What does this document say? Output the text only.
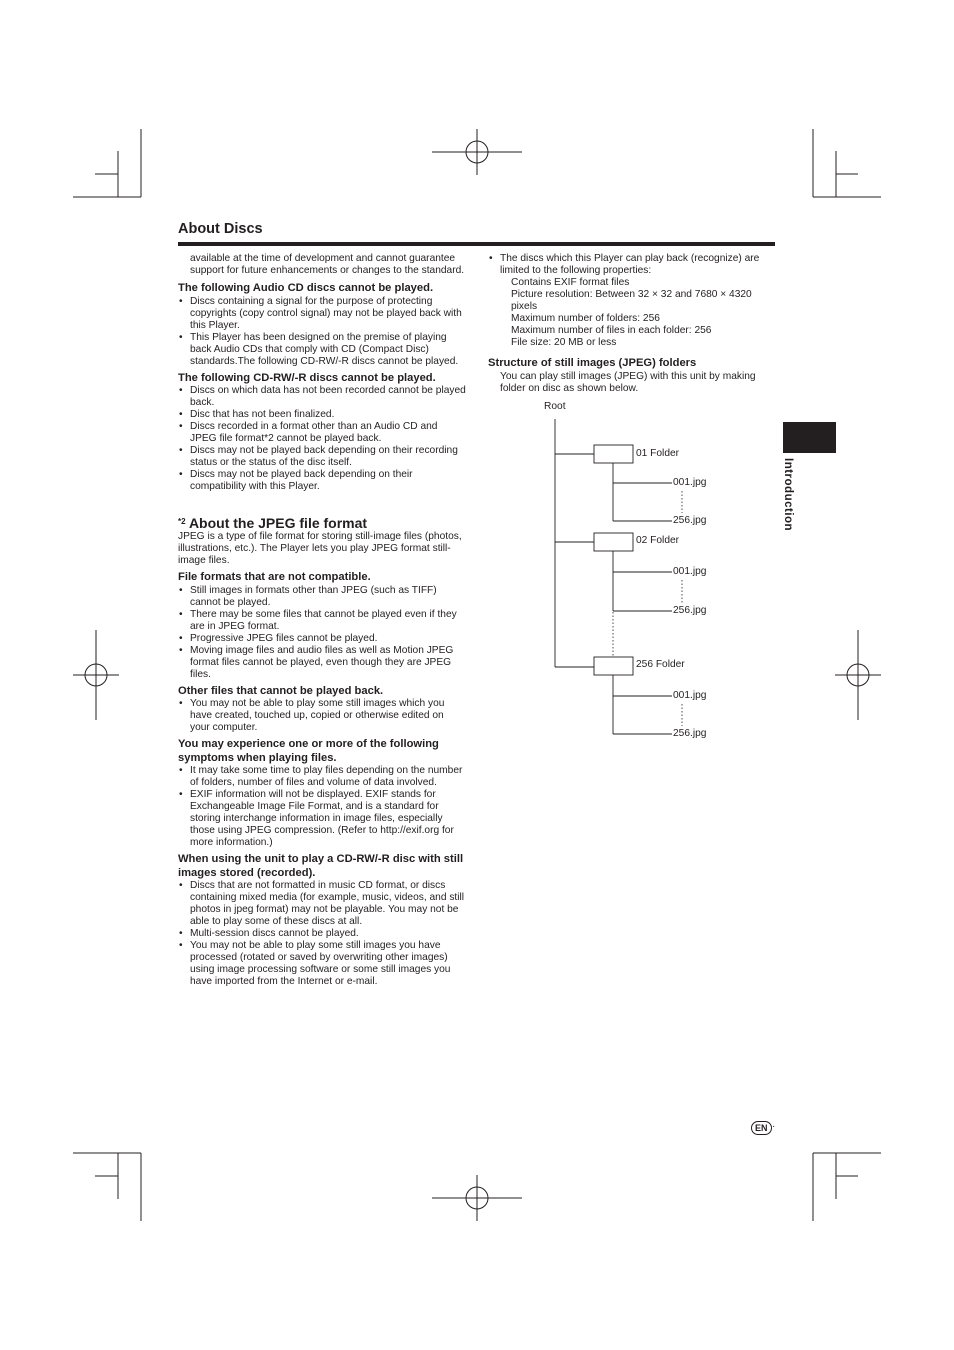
About Discs
Introduction

available at the time of development and cannot guarantee support for future enhancements or changes to the standard.

The following Audio CD discs cannot be played.
• Discs containing a signal for the purpose of protecting copyrights (copy control signal) may not be played back with this Player.
• This Player has been designed on the premise of playing back Audio CDs that comply with CD (Compact Disc) standards.The following CD-RW/-R discs cannot be played.
The following CD-RW/-R discs cannot be played.
• Discs on which data has not been recorded cannot be played back.
• Disc that has not been finalized.
• Discs recorded in a format other than an Audio CD and JPEG file format*2 cannot be played back.
• Discs may not be played back depending on their recording status or the status of the disc itself.
• Discs may not be played back depending on their compatibility with this Player.
$^{*2}$ About the JPEG file format

JPEG is a type of file format for storing still-image files (photos, illustrations, etc.). The Player lets you play JPEG format still-image files.

File formats that are not compatible.
• Still images in formats other than JPEG (such as TIFF) cannot be played.
• There may be some files that cannot be played even if they are in JPEG format.
• Progressive JPEG files cannot be played.
• Moving image files and audio files as well as Motion JPEG format files cannot be played, even though they are JPEG files.
Other files that cannot be played back.
• You may not be able to play some still images which you have created, touched up, copied or otherwise edited on your computer.
You may experience one or more of the following symptoms when playing files.
• It may take some time to play files depending on the number of folders, number of files and volume of data involved.
• EXIF information will not be displayed. EXIF stands for Exchangeable Image File Format, and is a standard for storing interchange information in image files, especially those using JPEG compression. (Refer to http://exif.org for more information.)
When using the unit to play a CD-RW/-R disc with still images stored (recorded).
• Discs that are not formatted in music CD format, or discs containing mixed media (for example, music, videos, and still photos in jpeg format) may not be playable. You may not be able to play some of these discs at all.
• Multi-session discs cannot be played.
• You may not be able to play some still images you have processed (rotated or saved by overwriting other images) using image processing software or some still images you have imported from the Internet or e-mail.
• The discs which this Player can play back (recognize) are limited to the following properties:

Contains EXIF format files

Picture resolution: Between 32 × 32 and 7680 × 4320 pixels

Maximum number of folders: 256

Maximum number of files in each folder: 256

File size: 20 MB or less

Structure of still images (JPEG) folders

You can play still images (JPEG) with this unit by making folder on disc as shown below.

Root
01 Folder
001.jpg
256.jpg
02 Folder
001.jpg
256.jpg
256 Folder
001.jpg
256.jpg
EN ·
